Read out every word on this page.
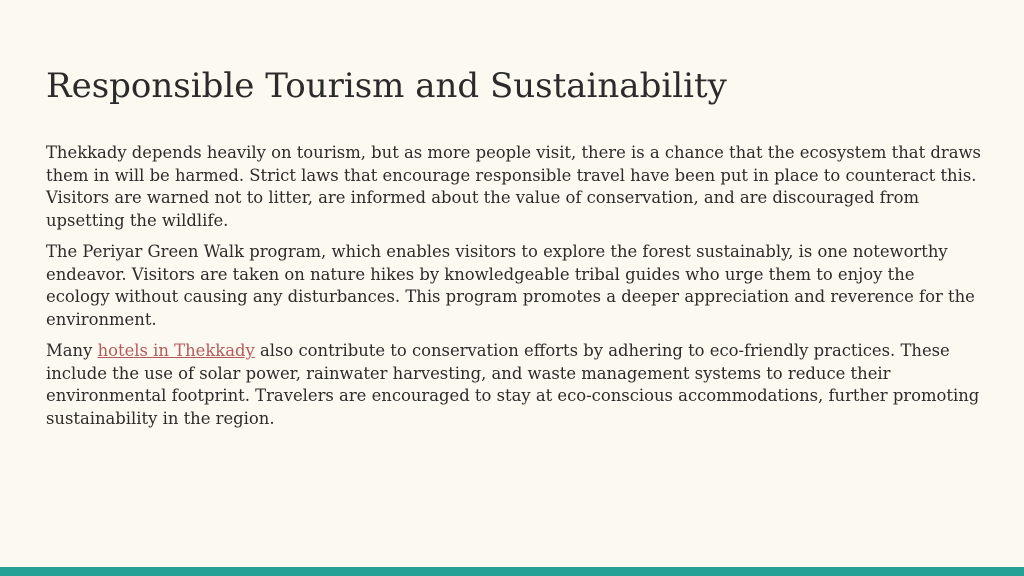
Responsible Tourism and Sustainability

Thekkady depends heavily on tourism, but as more people visit, there is a chance that the ecosystem that draws them in will be harmed. Strict laws that encourage responsible travel have been put in place to counteract this. Visitors are warned not to litter, are informed about the value of conservation, and are discouraged from upsetting the wildlife.

The Periyar Green Walk program, which enables visitors to explore the forest sustainably, is one noteworthy endeavor. Visitors are taken on nature hikes by knowledgeable tribal guides who urge them to enjoy the ecology without causing any disturbances. This program promotes a deeper appreciation and reverence for the environment.

Many hotels in Thekkady also contribute to conservation efforts by adhering to eco-friendly practices. These include the use of solar power, rainwater harvesting, and waste management systems to reduce their environmental footprint. Travelers are encouraged to stay at eco-conscious accommodations, further promoting sustainability in the region.
